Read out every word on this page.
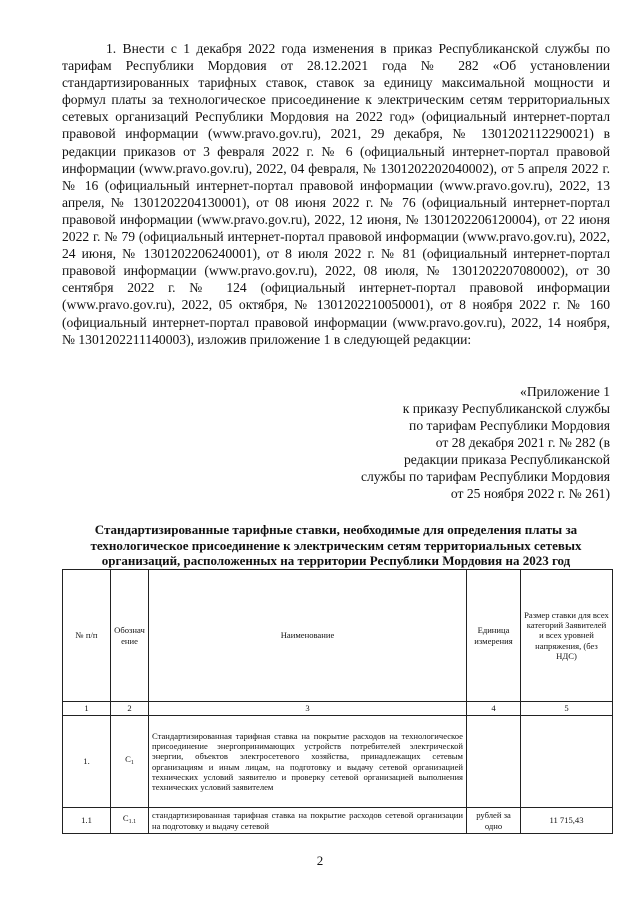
1. Внести с 1 декабря 2022 года изменения в приказ Республиканской службы по тарифам Республики Мордовия от 28.12.2021 года № 282 «Об установлении стандартизированных тарифных ставок, ставок за единицу максимальной мощности и формул платы за технологическое присоединение к электрическим сетям территориальных сетевых организаций Республики Мордовия на 2022 год» (официальный интернет-портал правовой информации (www.pravo.gov.ru), 2021, 29 декабря, № 1301202112290021) в редакции приказов от 3 февраля 2022 г. № 6 (официальный интернет-портал правовой информации (www.pravo.gov.ru), 2022, 04 февраля, № 1301202202040002), от 5 апреля 2022 г. № 16 (официальный интернет-портал правовой информации (www.pravo.gov.ru), 2022, 13 апреля, № 1301202204130001), от 08 июня 2022 г. № 76 (официальный интернет-портал правовой информации (www.pravo.gov.ru), 2022, 12 июня, № 1301202206120004), от 22 июня 2022 г. № 79 (официальный интернет-портал правовой информации (www.pravo.gov.ru), 2022, 24 июня, № 1301202206240001), от 8 июля 2022 г. № 81 (официальный интернет-портал правовой информации (www.pravo.gov.ru), 2022, 08 июля, № 1301202207080002), от 30 сентября 2022 г. № 124 (официальный интернет-портал правовой информации (www.pravo.gov.ru), 2022, 05 октября, № 1301202210050001), от 8 ноября 2022 г. № 160 (официальный интернет-портал правовой информации (www.pravo.gov.ru), 2022, 14 ноября, № 1301202211140003), изложив приложение 1 в следующей редакции:

«Приложение 1
к приказу Республиканской службы
по тарифам Республики Мордовия
от 28 декабря 2021 г. № 282 (в
редакции приказа Республиканской
службы по тарифам Республики Мордовия
от 25 ноября 2022 г. № 261)

Стандартизированные тарифные ставки, необходимые для определения платы за технологическое присоединение к электрическим сетям территориальных сетевых организаций, расположенных на территории Республики Мордовия на 2023 год

№ п/п	Обозначение	Наименование	Единица измерения	Размер ставки для всех категорий Заявителей и всех уровней напряжения, (без НДС)
1	2	3	4	5
1.	$C_1$	Стандартизированная тарифная ставка на покрытие расходов на технологическое присоединение энергопринимающих устройств потребителей электрической энергии, объектов электросетевого хозяйства, принадлежащих сетевым организациям и иным лицам, на подготовку и выдачу сетевой организацией технических условий заявителю и проверку сетевой организацией выполнения технических условий заявителем		
1.1	$C_{1.1}$	стандартизированная тарифная ставка на покрытие расходов сетевой организации на подготовку и выдачу сетевой	рублей за одно	11 715,43
2
